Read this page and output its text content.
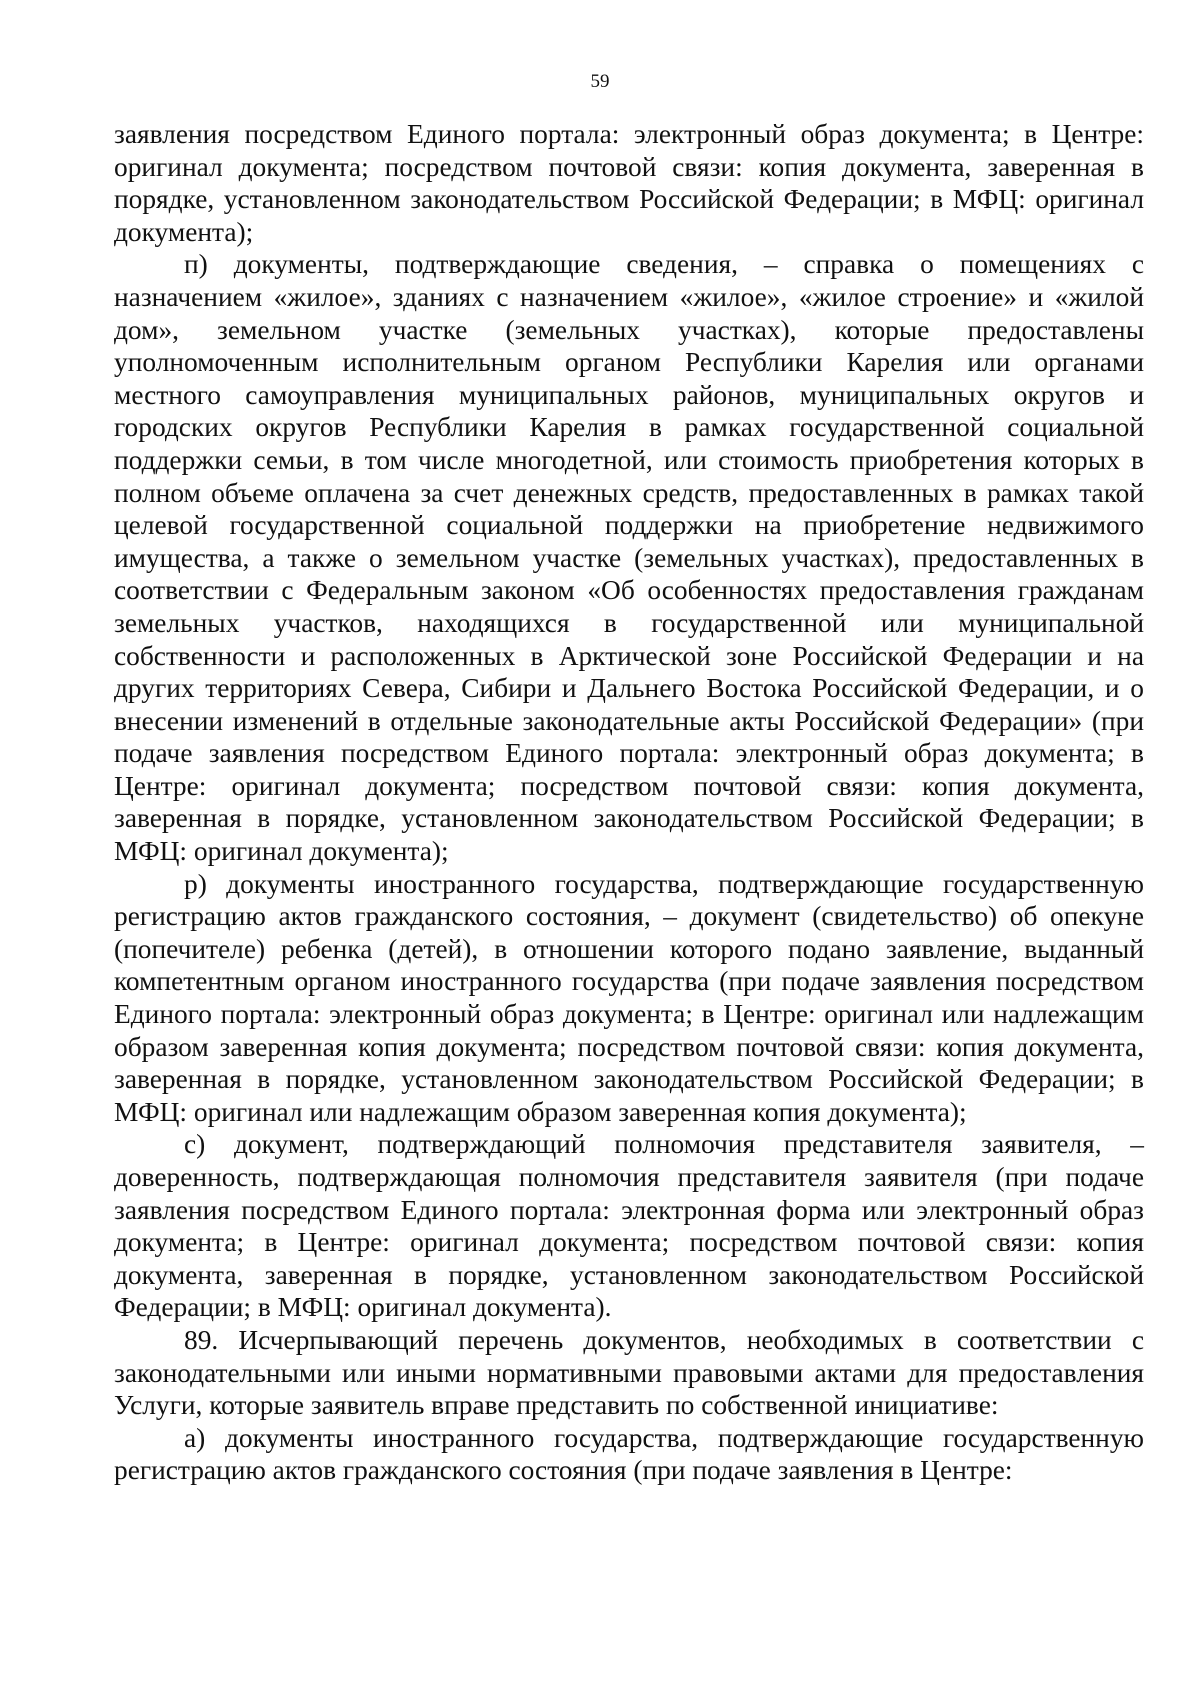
59

заявления посредством Единого портала: электронный образ документа; в Центре: оригинал документа; посредством почтовой связи: копия документа, заверенная в порядке, установленном законодательством Российской Федерации; в МФЦ: оригинал документа);

п) документы, подтверждающие сведения, – справка о помещениях с назначением «жилое», зданиях с назначением «жилое», «жилое строение» и «жилой дом», земельном участке (земельных участках), которые предоставлены уполномоченным исполнительным органом Республики Карелия или органами местного самоуправления муниципальных районов, муниципальных округов и городских округов Республики Карелия в рамках государственной социальной поддержки семьи, в том числе многодетной, или стоимость приобретения которых в полном объеме оплачена за счет денежных средств, предоставленных в рамках такой целевой государственной социальной поддержки на приобретение недвижимого имущества, а также о земельном участке (земельных участках), предоставленных в соответствии с Федеральным законом «Об особенностях предоставления гражданам земельных участков, находящихся в государственной или муниципальной собственности и расположенных в Арктической зоне Российской Федерации и на других территориях Севера, Сибири и Дальнего Востока Российской Федерации, и о внесении изменений в отдельные законодательные акты Российской Федерации» (при подаче заявления посредством Единого портала: электронный образ документа; в Центре: оригинал документа; посредством почтовой связи: копия документа, заверенная в порядке, установленном законодательством Российской Федерации; в МФЦ: оригинал документа);

р) документы иностранного государства, подтверждающие государственную регистрацию актов гражданского состояния, – документ (свидетельство) об опекуне (попечителе) ребенка (детей), в отношении которого подано заявление, выданный компетентным органом иностранного государства (при подаче заявления посредством Единого портала: электронный образ документа; в Центре: оригинал или надлежащим образом заверенная копия документа; посредством почтовой связи: копия документа, заверенная в порядке, установленном законодательством Российской Федерации; в МФЦ: оригинал или надлежащим образом заверенная копия документа);

с) документ, подтверждающий полномочия представителя заявителя, – доверенность, подтверждающая полномочия представителя заявителя (при подаче заявления посредством Единого портала: электронная форма или электронный образ документа; в Центре: оригинал документа; посредством почтовой связи: копия документа, заверенная в порядке, установленном законодательством Российской Федерации; в МФЦ: оригинал документа).

89. Исчерпывающий перечень документов, необходимых в соответствии с законодательными или иными нормативными правовыми актами для предоставления Услуги, которые заявитель вправе представить по собственной инициативе:

а) документы иностранного государства, подтверждающие государственную регистрацию актов гражданского состояния (при подаче заявления в Центре:
